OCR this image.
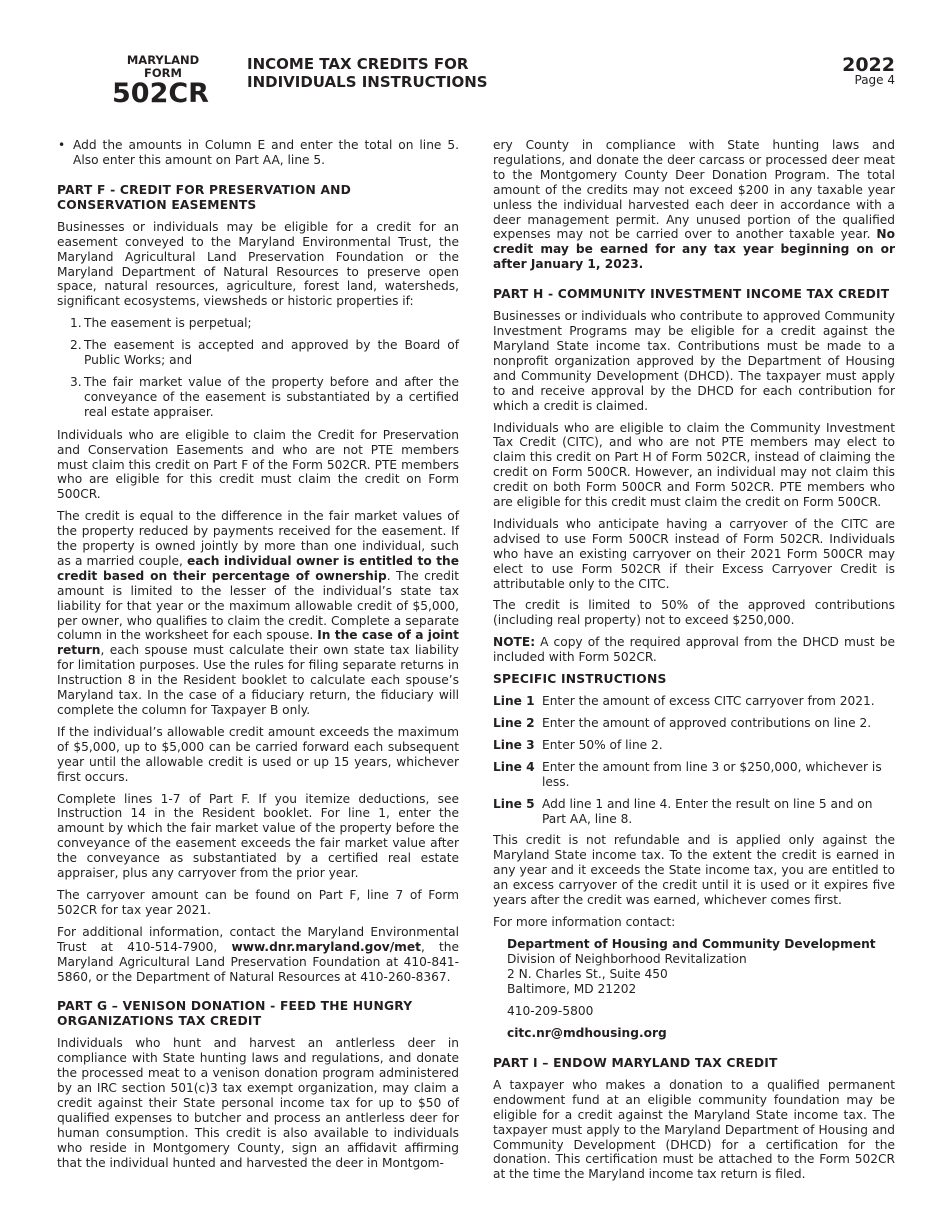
MARYLAND
FORM
502CR
INCOME TAX CREDITS FOR
INDIVIDUALS INSTRUCTIONS
2022
Page 4
• Add the amounts in Column E and enter the total on line 5. Also enter this amount on Part AA, line 5.
PART F - CREDIT FOR PRESERVATION AND CONSERVATION EASEMENTS

Businesses or individuals may be eligible for a credit for an easement conveyed to the Maryland Environmental Trust, the Maryland Agricultural Land Preservation Foundation or the Maryland Department of Natural Resources to preserve open space, natural resources, agriculture, forest land, watersheds, significant ecosystems, viewsheds or historic properties if:

1. The easement is perpetual;
2. The easement is accepted and approved by the Board of Public Works; and
3. The fair market value of the property before and after the conveyance of the easement is substantiated by a certified real estate appraiser.

Individuals who are eligible to claim the Credit for Preservation and Conservation Easements and who are not PTE members must claim this credit on Part F of the Form 502CR. PTE members who are eligible for this credit must claim the credit on Form 500CR.

The credit is equal to the difference in the fair market values of the property reduced by payments received for the easement. If the property is owned jointly by more than one individual, such as a married couple, each individual owner is entitled to the credit based on their percentage of ownership. The credit amount is limited to the lesser of the individual’s state tax liability for that year or the maximum allowable credit of $5,000, per owner, who qualifies to claim the credit. Complete a separate column in the worksheet for each spouse. In the case of a joint return, each spouse must calculate their own state tax liability for limitation purposes. Use the rules for filing separate returns in Instruction 8 in the Resident booklet to calculate each spouse’s Maryland tax. In the case of a fiduciary return, the fiduciary will complete the column for Taxpayer B only.

If the individual’s allowable credit amount exceeds the maximum of $5,000, up to $5,000 can be carried forward each subsequent year until the allowable credit is used or up 15 years, whichever first occurs.

Complete lines 1-7 of Part F. If you itemize deductions, see Instruction 14 in the Resident booklet. For line 1, enter the amount by which the fair market value of the property before the conveyance of the easement exceeds the fair market value after the conveyance as substantiated by a certified real estate appraiser, plus any carryover from the prior year.

The carryover amount can be found on Part F, line 7 of Form 502CR for tax year 2021.

For additional information, contact the Maryland Environmental Trust at 410-514-7900, www.dnr.maryland.gov/met, the Maryland Agricultural Land Preservation Foundation at 410-841-5860, or the Department of Natural Resources at 410-260-8367.

PART G – VENISON DONATION - FEED THE HUNGRY ORGANIZATIONS TAX CREDIT

Individuals who hunt and harvest an antlerless deer in compliance with State hunting laws and regulations, and donate the processed meat to a venison donation program administered by an IRC section 501(c)3 tax exempt organization, may claim a credit against their State personal income tax for up to $50 of qualified expenses to butcher and process an antlerless deer for human consumption. This credit is also available to individuals who reside in Montgomery County, sign an affidavit affirming that the individual hunted and harvested the deer in Montgom-

ery County in compliance with State hunting laws and regulations, and donate the deer carcass or processed deer meat to the Montgomery County Deer Donation Program. The total amount of the credits may not exceed $200 in any taxable year unless the individual harvested each deer in accordance with a deer management permit. Any unused portion of the qualified expenses may not be carried over to another taxable year. No credit may be earned for any tax year beginning on or after January 1, 2023.

PART H - COMMUNITY INVESTMENT INCOME TAX CREDIT

Businesses or individuals who contribute to approved Community Investment Programs may be eligible for a credit against the Maryland State income tax. Contributions must be made to a nonprofit organization approved by the Department of Housing and Community Development (DHCD). The taxpayer must apply to and receive approval by the DHCD for each contribution for which a credit is claimed.

Individuals who are eligible to claim the Community Investment Tax Credit (CITC), and who are not PTE members may elect to claim this credit on Part H of Form 502CR, instead of claiming the credit on Form 500CR. However, an individual may not claim this credit on both Form 500CR and Form 502CR. PTE members who are eligible for this credit must claim the credit on Form 500CR.

Individuals who anticipate having a carryover of the CITC are advised to use Form 500CR instead of Form 502CR. Individuals who have an existing carryover on their 2021 Form 500CR may elect to use Form 502CR if their Excess Carryover Credit is attributable only to the CITC.

The credit is limited to 50% of the approved contributions (including real property) not to exceed $250,000.

NOTE: A copy of the required approval from the DHCD must be included with Form 502CR.

SPECIFIC INSTRUCTIONS
Line 1 Enter the amount of excess CITC carryover from 2021.
Line 2 Enter the amount of approved contributions on line 2.
Line 3 Enter 50% of line 2.
Line 4 Enter the amount from line 3 or $250,000, whichever is less.
Line 5 Add line 1 and line 4. Enter the result on line 5 and on Part AA, line 8.

This credit is not refundable and is applied only against the Maryland State income tax. To the extent the credit is earned in any year and it exceeds the State income tax, you are entitled to an excess carryover of the credit until it is used or it expires five years after the credit was earned, whichever comes first.

For more information contact:

Department of Housing and Community Development
Division of Neighborhood Revitalization
2 N. Charles St., Suite 450
Baltimore, MD 21202
410-209-5800
citc.nr@mdhousing.org
PART I – ENDOW MARYLAND TAX CREDIT

A taxpayer who makes a donation to a qualified permanent endowment fund at an eligible community foundation may be eligible for a credit against the Maryland State income tax. The taxpayer must apply to the Maryland Department of Housing and Community Development (DHCD) for a certification for the donation. This certification must be attached to the Form 502CR at the time the Maryland income tax return is filed.
